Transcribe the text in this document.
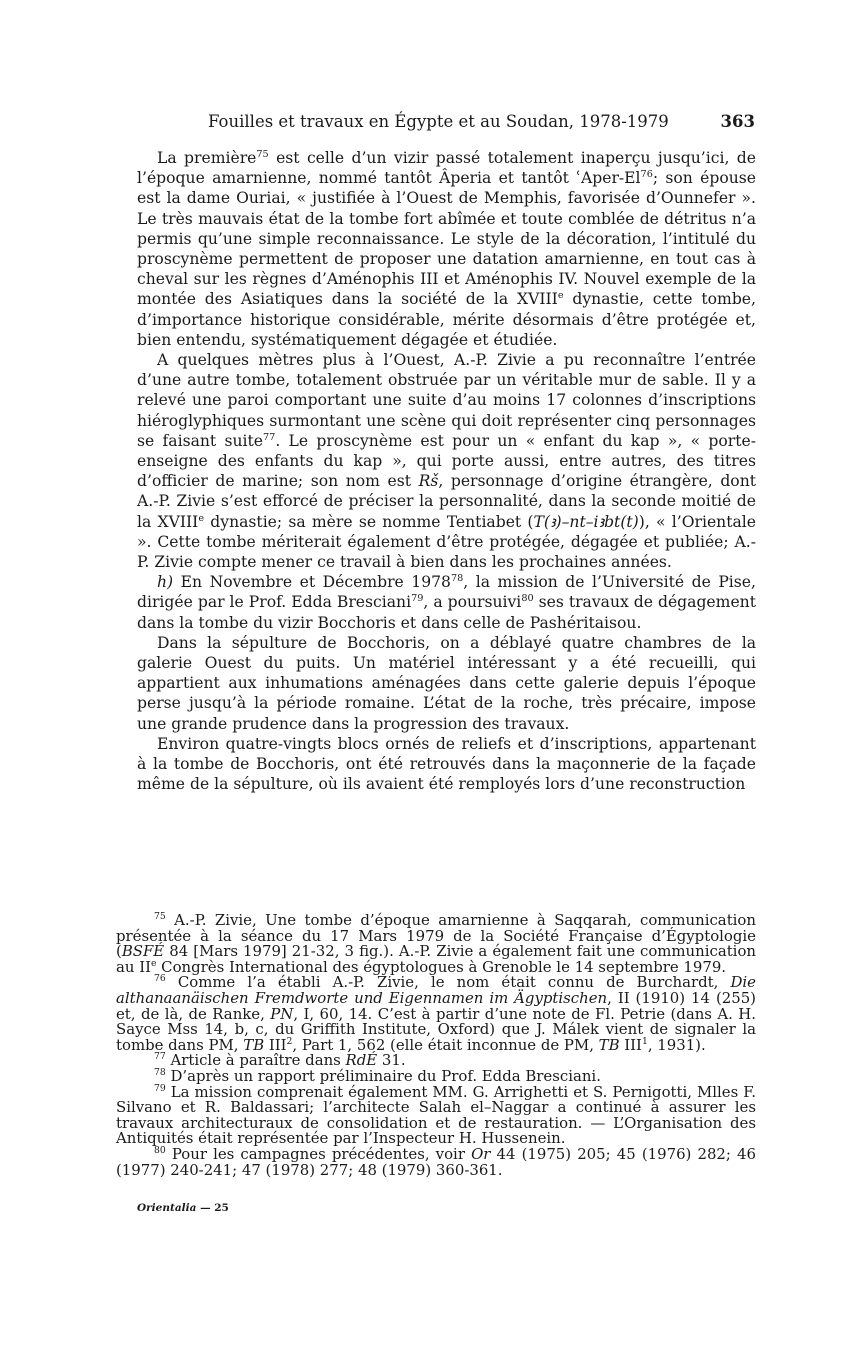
Fouilles et travaux en Égypte et au Soudan, 1978-1979	363

La première$^{75}$ est celle d’un vizir passé totalement inaperçu jusqu’ici, de l’époque amarnienne, nommé tantôt Âperia et tantôt ʿAper-El$^{76}$; son épouse est la dame Ouriai, « justifiée à l’Ouest de Memphis, favorisée d’Ounnefer ». Le très mauvais état de la tombe fort abîmée et toute comblée de détritus n’a permis qu’une simple reconnaissance. Le style de la décoration, l’intitulé du proscynème permettent de proposer une datation amarnienne, en tout cas à cheval sur les règnes d’Aménophis III et Aménophis IV. Nouvel exemple de la montée des Asiatiques dans la société de la XVIIIe dynastie, cette tombe, d’importance historique considérable, mérite désormais d’être protégée et, bien entendu, systématiquement dégagée et étudiée.

A quelques mètres plus à l’Ouest, A.-P. Zivie a pu reconnaître l’entrée d’une autre tombe, totalement obstruée par un véritable mur de sable. Il y a relevé une paroi comportant une suite d’au moins 17 colonnes d’inscriptions hiéroglyphiques surmontant une scène qui doit représenter cinq personnages se faisant suite$^{77}$. Le proscynème est pour un « enfant du kap », « porte-enseigne des enfants du kap », qui porte aussi, entre autres, des titres d’officier de marine; son nom est Rš, personnage d’origine étrangère, dont A.-P. Zivie s’est efforcé de préciser la personnalité, dans la seconde moitié de la XVIIIe dynastie; sa mère se nomme Tentiabet (T(ꜣ)–nt–iꜣbt(t)), « l’Orientale ». Cette tombe mériterait également d’être protégée, dégagée et publiée; A.-P. Zivie compte mener ce travail à bien dans les prochaines années.

h) En Novembre et Décembre 1978$^{78}$, la mission de l’Université de Pise, dirigée par le Prof. Edda Bresciani$^{79}$, a poursuivi$^{80}$ ses travaux de dégagement dans la tombe du vizir Bocchoris et dans celle de Pashéritaisou.

Dans la sépulture de Bocchoris, on a déblayé quatre chambres de la galerie Ouest du puits. Un matériel intéressant y a été recueilli, qui appartient aux inhumations aménagées dans cette galerie depuis l’époque perse jusqu’à la période romaine. L’état de la roche, très précaire, impose une grande prudence dans la progression des travaux.

Environ quatre-vingts blocs ornés de reliefs et d’inscriptions, appartenant à la tombe de Bocchoris, ont été retrouvés dans la maçonnerie de la façade même de la sépulture, où ils avaient été remployés lors d’une reconstruction

$^{75}$ A.-P. Zivie, Une tombe d’époque amarnienne à Saqqarah, communication présentée à la séance du 17 Mars 1979 de la Société Française d’Égyptologie (BSFÉ 84 [Mars 1979] 21-32, 3 fig.). A.-P. Zivie a également fait une communication au IIe Congrès International des égyptologues à Grenoble le 14 septembre 1979.

$^{76}$ Comme l’a établi A.-P. Zivie, le nom était connu de Burchardt, Die althanaanäischen Fremdworte und Eigennamen im Ägyptischen, II (1910) 14 (255) et, de là, de Ranke, PN, I, 60, 14. C’est à partir d’une note de Fl. Petrie (dans A. H. Sayce Mss 14, b, c, du Griffith Institute, Oxford) que J. Málek vient de signaler la tombe dans PM, TB III$^2$, Part 1, 562 (elle était inconnue de PM, TB III$^1$, 1931).

$^{77}$ Article à paraître dans RdÉ 31.

$^{78}$ D’après un rapport préliminaire du Prof. Edda Bresciani.

$^{79}$ La mission comprenait également MM. G. Arrighetti et S. Pernigotti, Mlles F. Silvano et R. Baldassari; l’architecte Salah el–Naggar a continué à assurer les travaux architecturaux de consolidation et de restauration. — L’Organisation des Antiquités était représentée par l’Inspecteur H. Hussenein.

$^{80}$ Pour les campagnes précédentes, voir Or 44 (1975) 205; 45 (1976) 282; 46 (1977) 240-241; 47 (1978) 277; 48 (1979) 360-361.

Orientalia — 25
